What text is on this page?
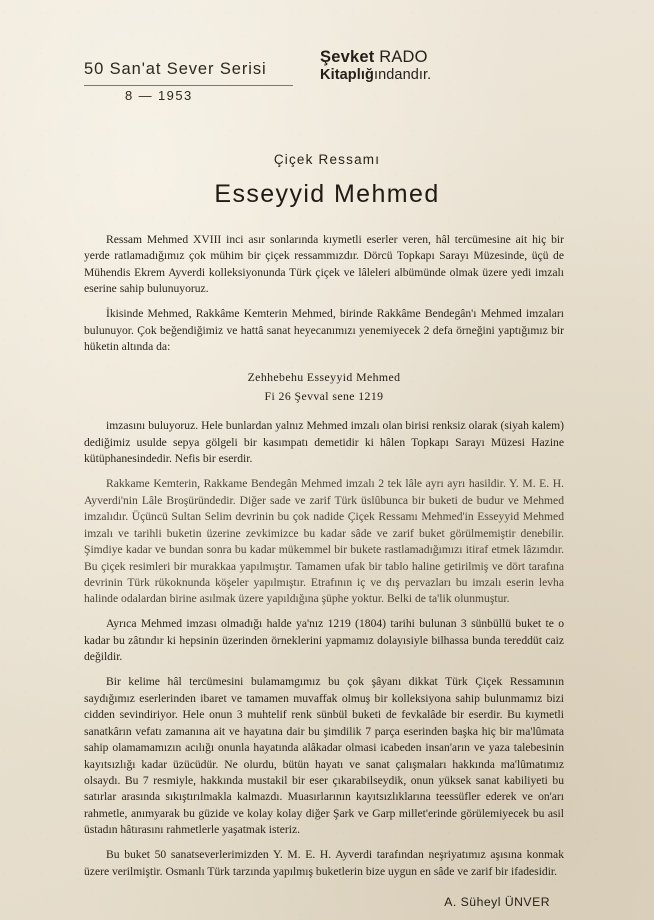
50 San'at Sever Serisi
8 — 1953
Şevket RADO
Kitaplığındandır.
Çiçek Ressamı
Esseyyid Mehmed

Ressam Mehmed XVIII inci asır sonlarında kıymetli eserler veren, hâl tercümesine ait hiç bir yerde ratlamadığımız çok mühim bir çiçek ressammızdır. Dörcü Topkapı Sarayı Müzesinde, üçü de Mühendis Ekrem Ayverdi kolleksiyonunda Türk çiçek ve lâleleri albümünde olmak üzere yedi imzalı eserine sahip bulunuyoruz.

İkisinde Mehmed, Rakkâme Kemterin Mehmed, birinde Rakkâme Bendegân'ı Mehmed imzaları bulunuyor. Çok beğendiğimiz ve hattâ sanat heyecanımızı yenemiyecek 2 defa örneğini yaptığımız bir hüketin altında da:

Zehhebehu Esseyyid Mehmed
Fi 26 Şevval sene 1219

imzasını buluyoruz. Hele bunlardan yalnız Mehmed imzalı olan birisi renksiz olarak (siyah kalem) dediğimiz usulde sepya gölgeli bir kasımpatı demetidir ki hâlen Topkapı Sarayı Müzesi Hazine kütüphanesindedir. Nefis bir eserdir.

Rakkame Kemterin, Rakkame Bendegân Mehmed imzalı 2 tek lâle ayrı ayrı hasildir. Y. M. E. H. Ayverdi'nin Lâle Broşüründedir. Diğer sade ve zarif Türk üslûbunca bir buketi de budur ve Mehmed imzalıdır. Üçüncü Sultan Selim devrinin bu çok nadide Çiçek Ressamı Mehmed'in Esseyyid Mehmed imzalı ve tarihli buketin üzerine zevkimizce bu kadar sâde ve zarif buket görülmemiştir denebilir. Şimdiye kadar ve bundan sonra bu kadar mükemmel bir bukete rastlamadığımızı itiraf etmek lâzımdır. Bu çiçek resimleri bir murakkaa yapılmıştır. Tamamen ufak bir tablo haline getirilmiş ve dört tarafına devrinin Türk rükoknunda köşeler yapılmıştır. Etrafının iç ve dış pervazları bu imzalı eserin levha halinde odalardan birine asılmak üzere yapıldığına şüphe yoktur. Belki de ta'lik olunmuştur.

Ayrıca Mehmed imzası olmadığı halde ya'nız 1219 (1804) tarihi bulunan 3 sünbüllü buket te o kadar bu zâtındır ki hepsinin üzerinden örneklerini yapmamız dolayısiyle bilhassa bunda tereddüt caiz değildir.

Bir kelime hâl tercümesini bulamamgımız bu çok şâyanı dikkat Türk Çiçek Ressamının saydığımız eserlerinden ibaret ve tamamen muvaffak olmuş bir kolleksiyona sahip bulunmamız bizi cidden sevindiriyor. Hele onun 3 muhtelif renk sünbül buketi de fevkalâde bir eserdir. Bu kıymetli sanatkârın vefatı zamanına ait ve hayatına dair bu şimdilik 7 parça eserinden başka hiç bir ma'lûmata sahip olamamamızın acılığı onunla hayatında alâkadar olmasi icabeden insan'arın ve yaza talebesinin kayıtsızlığı kadar üzücüdür. Ne olurdu, bütün hayatı ve sanat çalışmaları hakkında ma'lûmatımız olsaydı. Bu 7 resmiyle, hakkında mustakil bir eser çıkarabilseydik, onun yüksek sanat kabiliyeti bu satırlar arasında sıkıştırılmakla kalmazdı. Muasırlarının kayıtsızlıklarına teessüfler ederek ve on'arı rahmetle, anımyarak bu güzide ve kolay kolay diğer Şark ve Garp millet'erinde görülemiyecek bu asil üstadın hâtırasını rahmetlerle yaşatmak isteriz.

Bu buket 50 sanatseverlerimizden Y. M. E. H. Ayverdi tarafından neşriyatımız aşısına konmak üzere verilmiştir. Osmanlı Türk tarzında yapılmış buketlerin bize uygun en sâde ve zarif bir ifadesidir.

A. Süheyl ÜNVER
